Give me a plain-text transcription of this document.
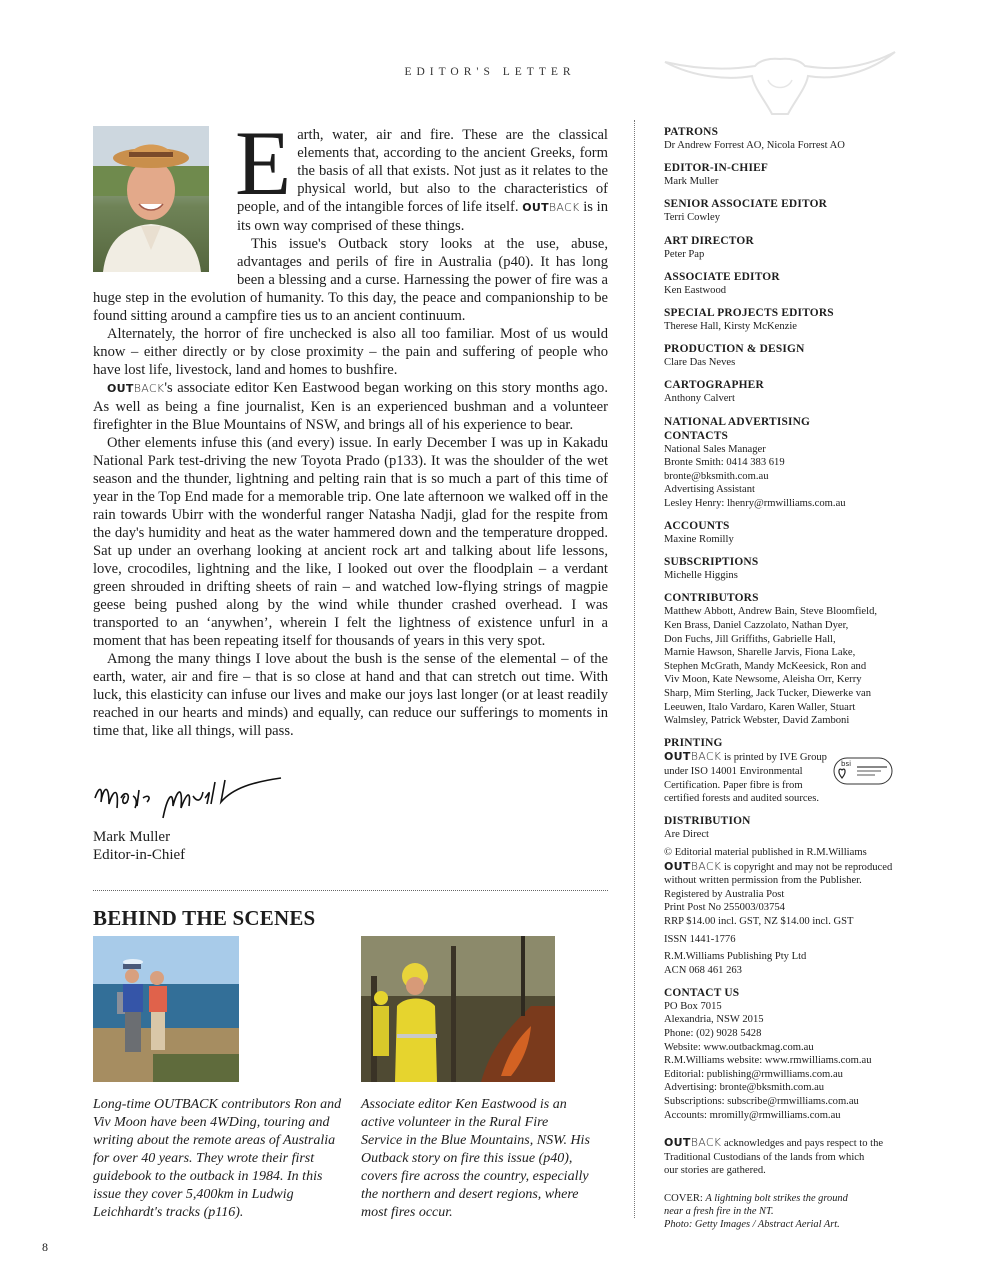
EDITOR'S LETTER

Earth, water, air and fire. These are the classical elements that, according to the ancient Greeks, form the basis of all that exists. Not just as it relates to the physical world, but also to the characteristics of people, and of the intangible forces of life itself. OUTBACK is in its own way comprised of these things.

This issue's Outback story looks at the use, abuse, advantages and perils of fire in Australia (p40). It has long been a blessing and a curse. Harnessing the power of fire was a huge step in the evolution of humanity. To this day, the peace and companionship to be found sitting around a campfire ties us to an ancient continuum.

Alternately, the horror of fire unchecked is also all too familiar. Most of us would know – either directly or by close proximity – the pain and suffering of people who have lost life, livestock, land and homes to bushfire.

OUTBACK's associate editor Ken Eastwood began working on this story months ago. As well as being a fine journalist, Ken is an experienced bushman and a volunteer firefighter in the Blue Mountains of NSW, and brings all of his experience to bear.

Other elements infuse this (and every) issue. In early December I was up in Kakadu National Park test-driving the new Toyota Prado (p133). It was the shoulder of the wet season and the thunder, lightning and pelting rain that is so much a part of this time of year in the Top End made for a memorable trip. One late afternoon we walked off in the rain towards Ubirr with the wonderful ranger Natasha Nadji, glad for the respite from the day's humidity and heat as the water hammered down and the temperature dropped. Sat up under an overhang looking at ancient rock art and talking about life lessons, love, crocodiles, lightning and the like, I looked out over the floodplain – a verdant green shrouded in drifting sheets of rain – and watched low-flying strings of magpie geese being pushed along by the wind while thunder crashed overhead. I was transported to an ‘anywhen’, wherein I felt the lightness of existence unfurl in a moment that has been repeating itself for thousands of years in this very spot.

Among the many things I love about the bush is the sense of the elemental – of the earth, water, air and fire – that is so close at hand and that can stretch out time. With luck, this elasticity can infuse our lives and make our joys last longer (or at least readily reached in our hearts and minds) and equally, can reduce our sufferings to moments in time that, like all things, will pass.

Mark Muller
Editor-in-Chief
BEHIND THE SCENES
Long-time OUTBACK contributors Ron and Viv Moon have been 4WDing, touring and writing about the remote areas of Australia for over 40 years. They wrote their first guidebook to the outback in 1984. In this issue they cover 5,400km in Ludwig Leichhardt's tracks (p116).
Associate editor Ken Eastwood is an active volunteer in the Rural Fire Service in the Blue Mountains, NSW. His Outback story on fire this issue (p40), covers fire across the country, especially the northern and desert regions, where most fires occur.
PATRONS
Dr Andrew Forrest AO, Nicola Forrest AO
EDITOR-IN-CHIEF
Mark Muller
SENIOR ASSOCIATE EDITOR
Terri Cowley
ART DIRECTOR
Peter Pap
ASSOCIATE EDITOR
Ken Eastwood
SPECIAL PROJECTS EDITORS
Therese Hall, Kirsty McKenzie
PRODUCTION & DESIGN
Clare Das Neves
CARTOGRAPHER
Anthony Calvert
NATIONAL ADVERTISING CONTACTS
National Sales Manager
Bronte Smith: 0414 383 619
bronte@bksmith.com.au
Advertising Assistant
Lesley Henry: lhenry@rmwilliams.com.au
ACCOUNTS
Maxine Romilly
SUBSCRIPTIONS
Michelle Higgins
CONTRIBUTORS
Matthew Abbott, Andrew Bain, Steve Bloomfield,
Ken Brass, Daniel Cazzolato, Nathan Dyer,
Don Fuchs, Jill Griffiths, Gabrielle Hall,
Marnie Hawson, Sharelle Jarvis, Fiona Lake,
Stephen McGrath, Mandy McKeesick, Ron and
Viv Moon, Kate Newsome, Aleisha Orr, Kerry
Sharp, Mim Sterling, Jack Tucker, Diewerke van
Leeuwen, Italo Vardaro, Karen Waller, Stuart
Walmsley, Patrick Webster, David Zamboni
PRINTING
OUTBACK is printed by IVE Group
under ISO 14001 Environmental
Certification. Paper fibre is from
certified forests and audited sources.
bsi
DISTRIBUTION
Are Direct
© Editorial material published in R.M.Williams
OUTBACK is copyright and may not be reproduced
without written permission from the Publisher.
Registered by Australia Post
Print Post No 255003/03754
RRP $14.00 incl. GST, NZ $14.00 incl. GST
ISSN 1441-1776
R.M.Williams Publishing Pty Ltd
ACN 068 461 263
CONTACT US
PO Box 7015
Alexandria, NSW 2015
Phone: (02) 9028 5428
Website: www.outbackmag.com.au
R.M.Williams website: www.rmwilliams.com.au
Editorial: publishing@rmwilliams.com.au
Advertising: bronte@bksmith.com.au
Subscriptions: subscribe@rmwilliams.com.au
Accounts: mromilly@rmwilliams.com.au
OUTBACK acknowledges and pays respect to the
Traditional Custodians of the lands from which
our stories are gathered.
COVER: A lightning bolt strikes the ground
near a fresh fire in the NT.
Photo: Getty Images / Abstract Aerial Art.
8
